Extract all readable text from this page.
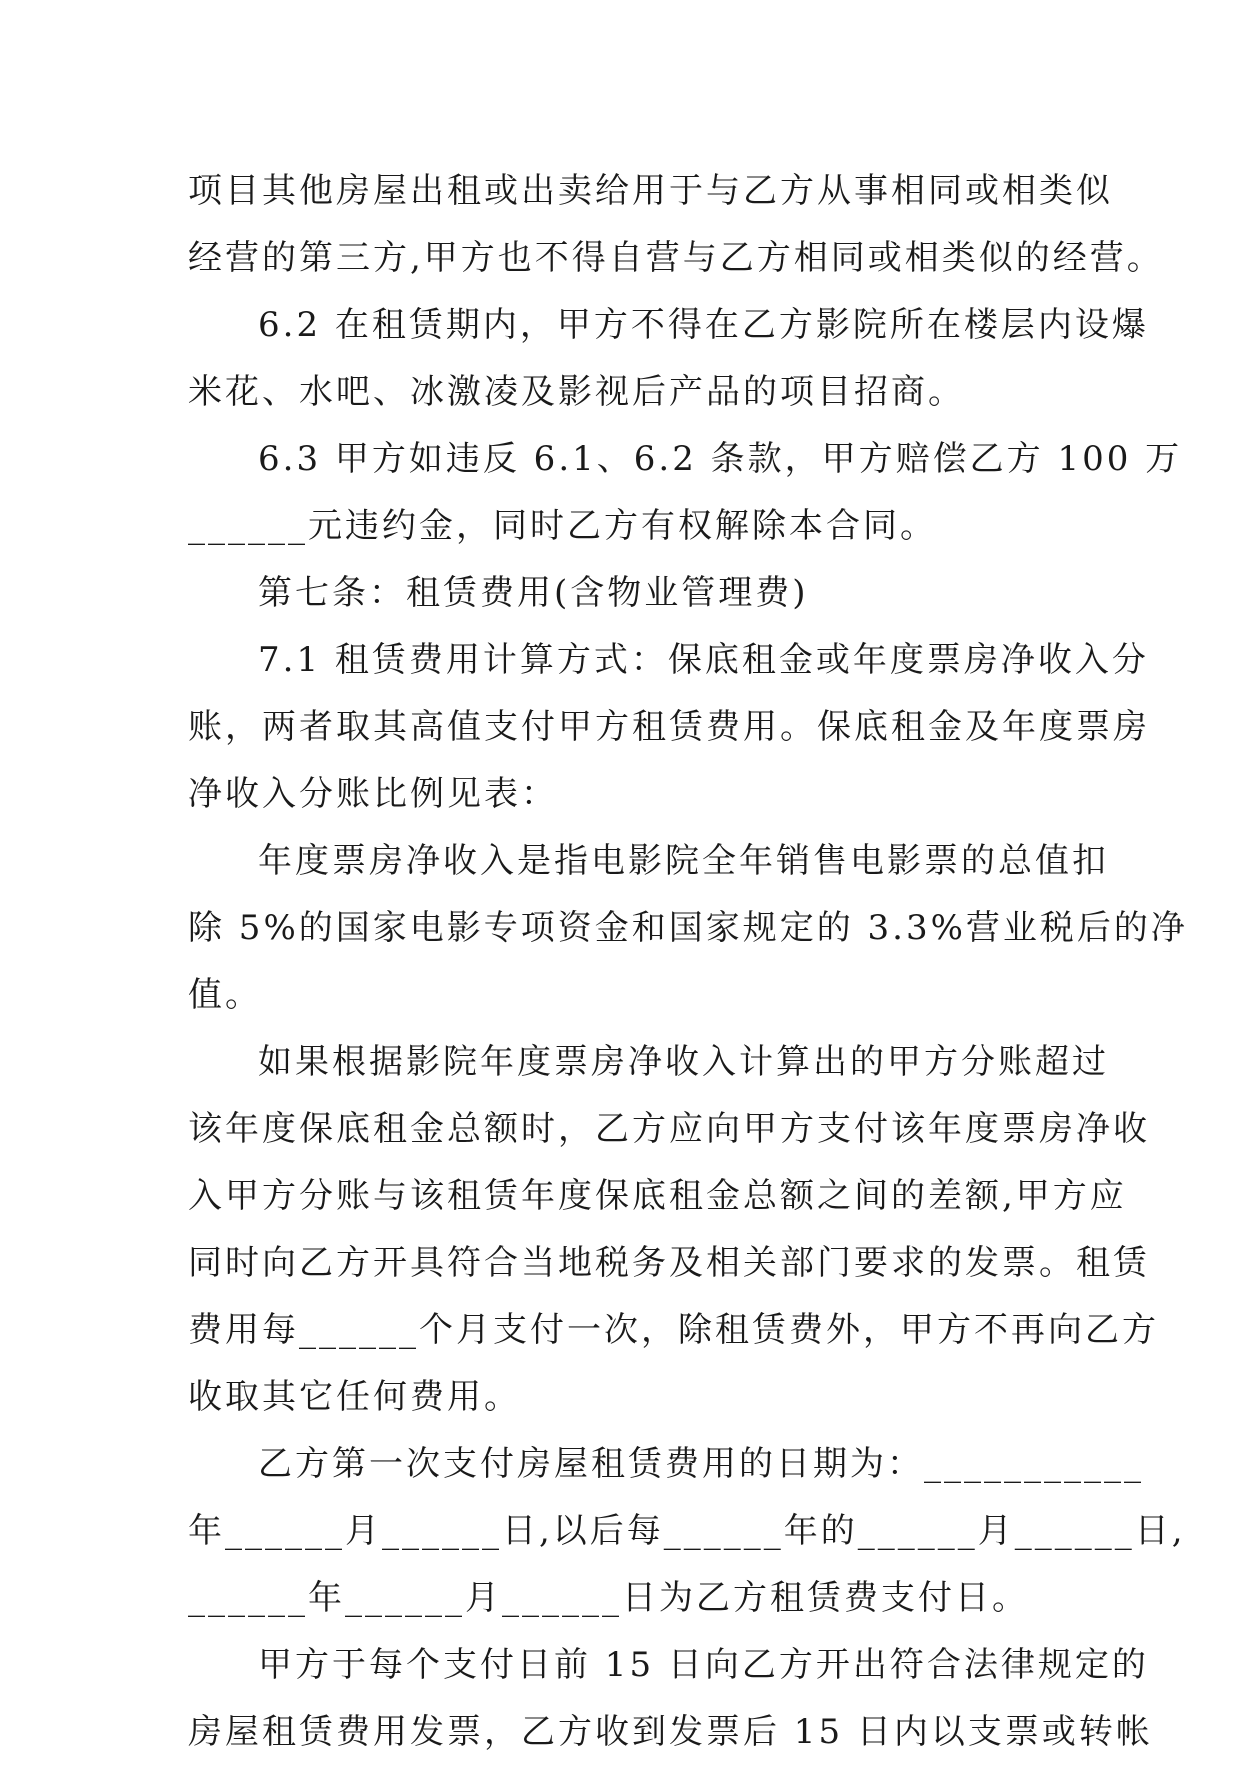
项目其他房屋出租或出卖给用于与乙方从事相同或相类似
经营的第三方,甲方也不得自营与乙方相同或相类似的经营。
6.2 在租赁期内，甲方不得在乙方影院所在楼层内设爆
米花、水吧、冰激凌及影视后产品的项目招商。
6.3 甲方如违反 6.1、6.2 条款，甲方赔偿乙方 100 万
______元违约金，同时乙方有权解除本合同。
第七条：租赁费用(含物业管理费)
7.1 租赁费用计算方式：保底租金或年度票房净收入分
账，两者取其高值支付甲方租赁费用。保底租金及年度票房
净收入分账比例见表：
年度票房净收入是指电影院全年销售电影票的总值扣
除 5%的国家电影专项资金和国家规定的 3.3%营业税后的净
值。
如果根据影院年度票房净收入计算出的甲方分账超过
该年度保底租金总额时，乙方应向甲方支付该年度票房净收
入甲方分账与该租赁年度保底租金总额之间的差额,甲方应
同时向乙方开具符合当地税务及相关部门要求的发票。租赁
费用每______个月支付一次，除租赁费外，甲方不再向乙方
收取其它任何费用。
乙方第一次支付房屋租赁费用的日期为：___________
年______月______日,以后每______年的______月______日,
______年______月______日为乙方租赁费支付日。
甲方于每个支付日前 15 日向乙方开出符合法律规定的
房屋租赁费用发票，乙方收到发票后 15 日内以支票或转帐
